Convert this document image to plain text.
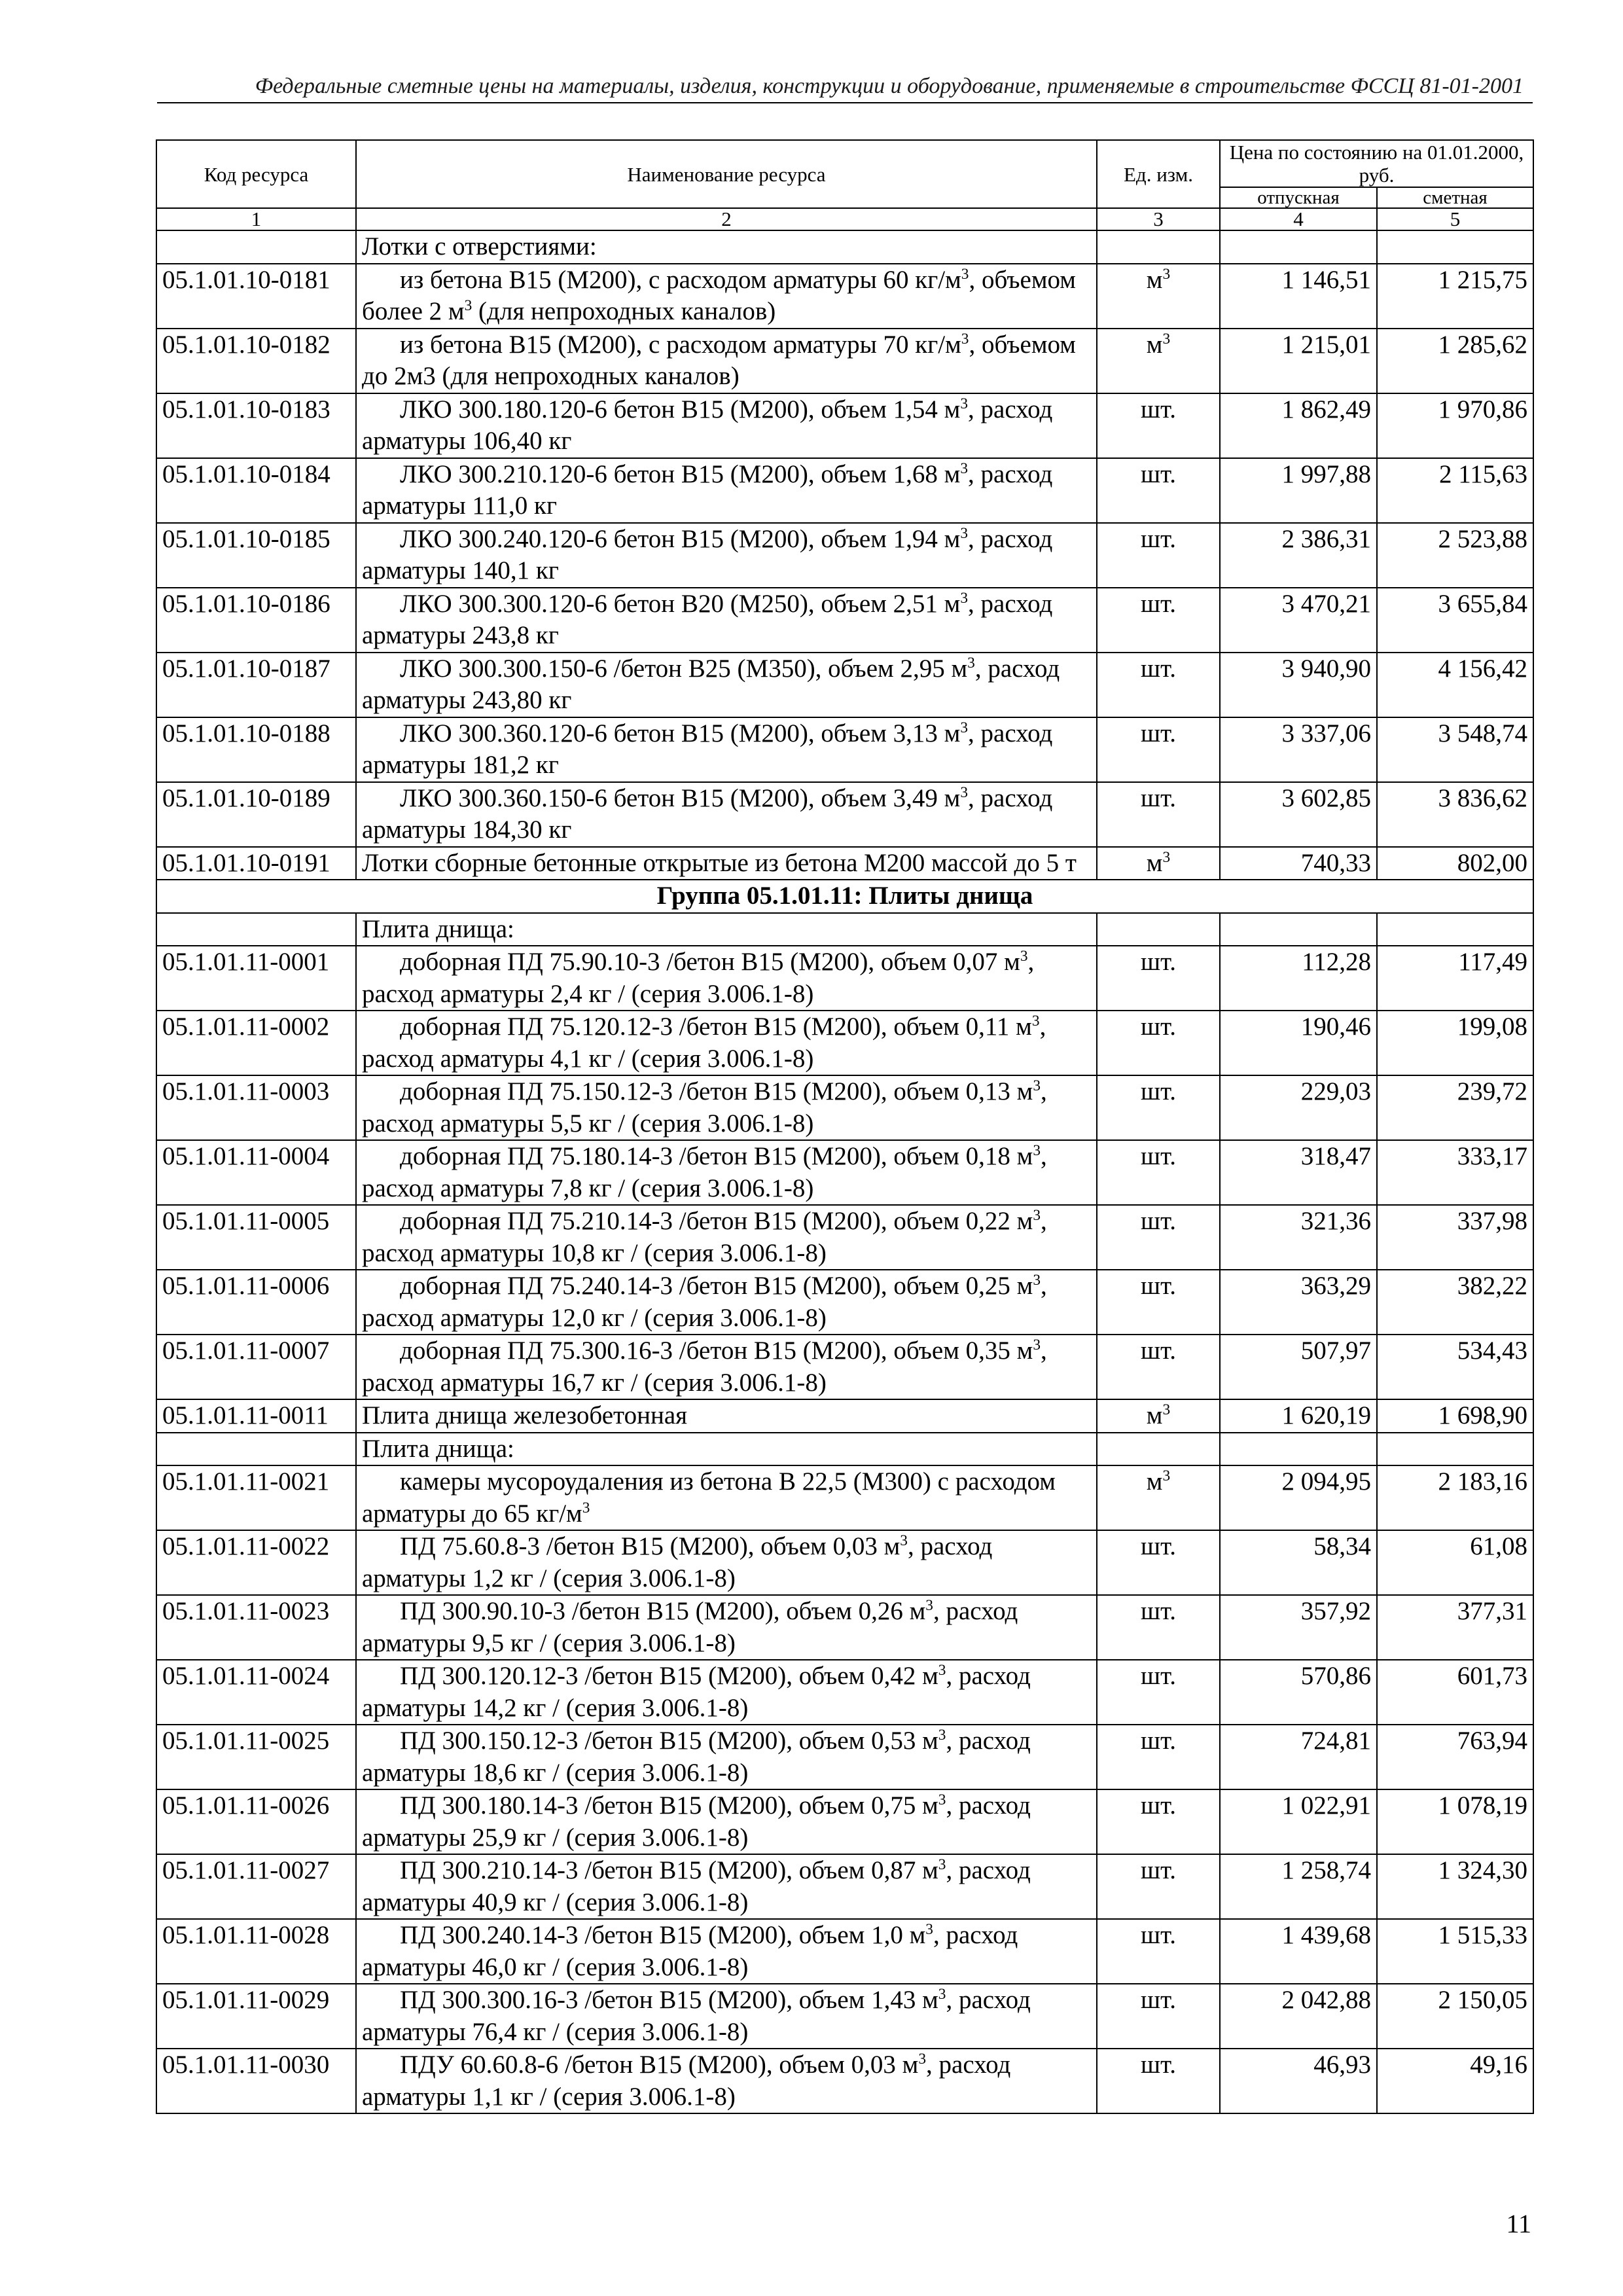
Федеральные сметные цены на материалы, изделия, конструкции и оборудование, применяемые в строительстве ФССЦ 81-01-2001
Код ресурса	Наименование ресурса	Ед. изм.	Цена по состоянию на 01.01.2000, руб.	
			отпускная	сметная
1	2	3	4	5
	Лотки с отверстиями:			
05.1.01.10-0181	из бетона В15 (М200), с расходом арматуры 60 $кг/м^3$, объемом более 2 $м^3$ (для непроходных каналов)	$м^3$	1 146,51	1 215,75
05.1.01.10-0182	из бетона В15 (М200), с расходом арматуры 70 $кг/м^3$, объемом до 2м3 (для непроходных каналов)	$м^3$	1 215,01	1 285,62
05.1.01.10-0183	ЛКО 300.180.120-6 бетон В15 (М200), объем 1,54 $м^3$, расход арматуры 106,40 кг	шт.	1 862,49	1 970,86
05.1.01.10-0184	ЛКО 300.210.120-6 бетон В15 (М200), объем 1,68 $м^3$, расход арматуры 111,0 кг	шт.	1 997,88	2 115,63
05.1.01.10-0185	ЛКО 300.240.120-6 бетон В15 (М200), объем 1,94 $м^3$, расход арматуры 140,1 кг	шт.	2 386,31	2 523,88
05.1.01.10-0186	ЛКО 300.300.120-6 бетон В20 (М250), объем 2,51 $м^3$, расход арматуры 243,8 кг	шт.	3 470,21	3 655,84
05.1.01.10-0187	ЛКО 300.300.150-6 /бетон В25 (М350), объем 2,95 $м^3$, расход арматуры 243,80 кг	шт.	3 940,90	4 156,42
05.1.01.10-0188	ЛКО 300.360.120-6 бетон В15 (М200), объем 3,13 $м^3$, расход арматуры 181,2 кг	шт.	3 337,06	3 548,74
05.1.01.10-0189	ЛКО 300.360.150-6 бетон В15 (М200), объем 3,49 $м^3$, расход арматуры 184,30 кг	шт.	3 602,85	3 836,62
05.1.01.10-0191	Лотки сборные бетонные открытые из бетона М200 массой до 5 т	$м^3$	740,33	802,00
Группа 05.1.01.11: Плиты днища				
	Плита днища:			
05.1.01.11-0001	доборная ПД 75.90.10-3 /бетон В15 (М200), объем 0,07 $м^3$, расход арматуры 2,4 кг / (серия 3.006.1-8)	шт.	112,28	117,49
05.1.01.11-0002	доборная ПД 75.120.12-3 /бетон В15 (М200), объем 0,11 $м^3$, расход арматуры 4,1 кг / (серия 3.006.1-8)	шт.	190,46	199,08
05.1.01.11-0003	доборная ПД 75.150.12-3 /бетон В15 (М200), объем 0,13 $м^3$, расход арматуры 5,5 кг / (серия 3.006.1-8)	шт.	229,03	239,72
05.1.01.11-0004	доборная ПД 75.180.14-3 /бетон В15 (М200), объем 0,18 $м^3$, расход арматуры 7,8 кг / (серия 3.006.1-8)	шт.	318,47	333,17
05.1.01.11-0005	доборная ПД 75.210.14-3 /бетон В15 (М200), объем 0,22 $м^3$, расход арматуры 10,8 кг / (серия 3.006.1-8)	шт.	321,36	337,98
05.1.01.11-0006	доборная ПД 75.240.14-3 /бетон В15 (М200), объем 0,25 $м^3$, расход арматуры 12,0 кг / (серия 3.006.1-8)	шт.	363,29	382,22
05.1.01.11-0007	доборная ПД 75.300.16-3 /бетон В15 (М200), объем 0,35 $м^3$, расход арматуры 16,7 кг / (серия 3.006.1-8)	шт.	507,97	534,43
05.1.01.11-0011	Плита днища железобетонная	$м^3$	1 620,19	1 698,90
	Плита днища:			
05.1.01.11-0021	камеры мусороудаления из бетона В 22,5 (М300) с расходом арматуры до 65 $кг/м^3$	$м^3$	2 094,95	2 183,16
05.1.01.11-0022	ПД 75.60.8-3 /бетон В15 (М200), объем 0,03 $м^3$, расход арматуры 1,2 кг / (серия 3.006.1-8)	шт.	58,34	61,08
05.1.01.11-0023	ПД 300.90.10-3 /бетон В15 (М200), объем 0,26 $м^3$, расход арматуры 9,5 кг / (серия 3.006.1-8)	шт.	357,92	377,31
05.1.01.11-0024	ПД 300.120.12-3 /бетон В15 (М200), объем 0,42 $м^3$, расход арматуры 14,2 кг / (серия 3.006.1-8)	шт.	570,86	601,73
05.1.01.11-0025	ПД 300.150.12-3 /бетон В15 (М200), объем 0,53 $м^3$, расход арматуры 18,6 кг / (серия 3.006.1-8)	шт.	724,81	763,94
05.1.01.11-0026	ПД 300.180.14-3 /бетон В15 (М200), объем 0,75 $м^3$, расход арматуры 25,9 кг / (серия 3.006.1-8)	шт.	1 022,91	1 078,19
05.1.01.11-0027	ПД 300.210.14-3 /бетон В15 (М200), объем 0,87 $м^3$, расход арматуры 40,9 кг / (серия 3.006.1-8)	шт.	1 258,74	1 324,30
05.1.01.11-0028	ПД 300.240.14-3 /бетон В15 (М200), объем 1,0 $м^3$, расход арматуры 46,0 кг / (серия 3.006.1-8)	шт.	1 439,68	1 515,33
05.1.01.11-0029	ПД 300.300.16-3 /бетон В15 (М200), объем 1,43 $м^3$, расход арматуры 76,4 кг / (серия 3.006.1-8)	шт.	2 042,88	2 150,05
05.1.01.11-0030	ПДУ 60.60.8-6 /бетон В15 (М200), объем 0,03 $м^3$, расход арматуры 1,1 кг / (серия 3.006.1-8)	шт.	46,93	49,16
11
